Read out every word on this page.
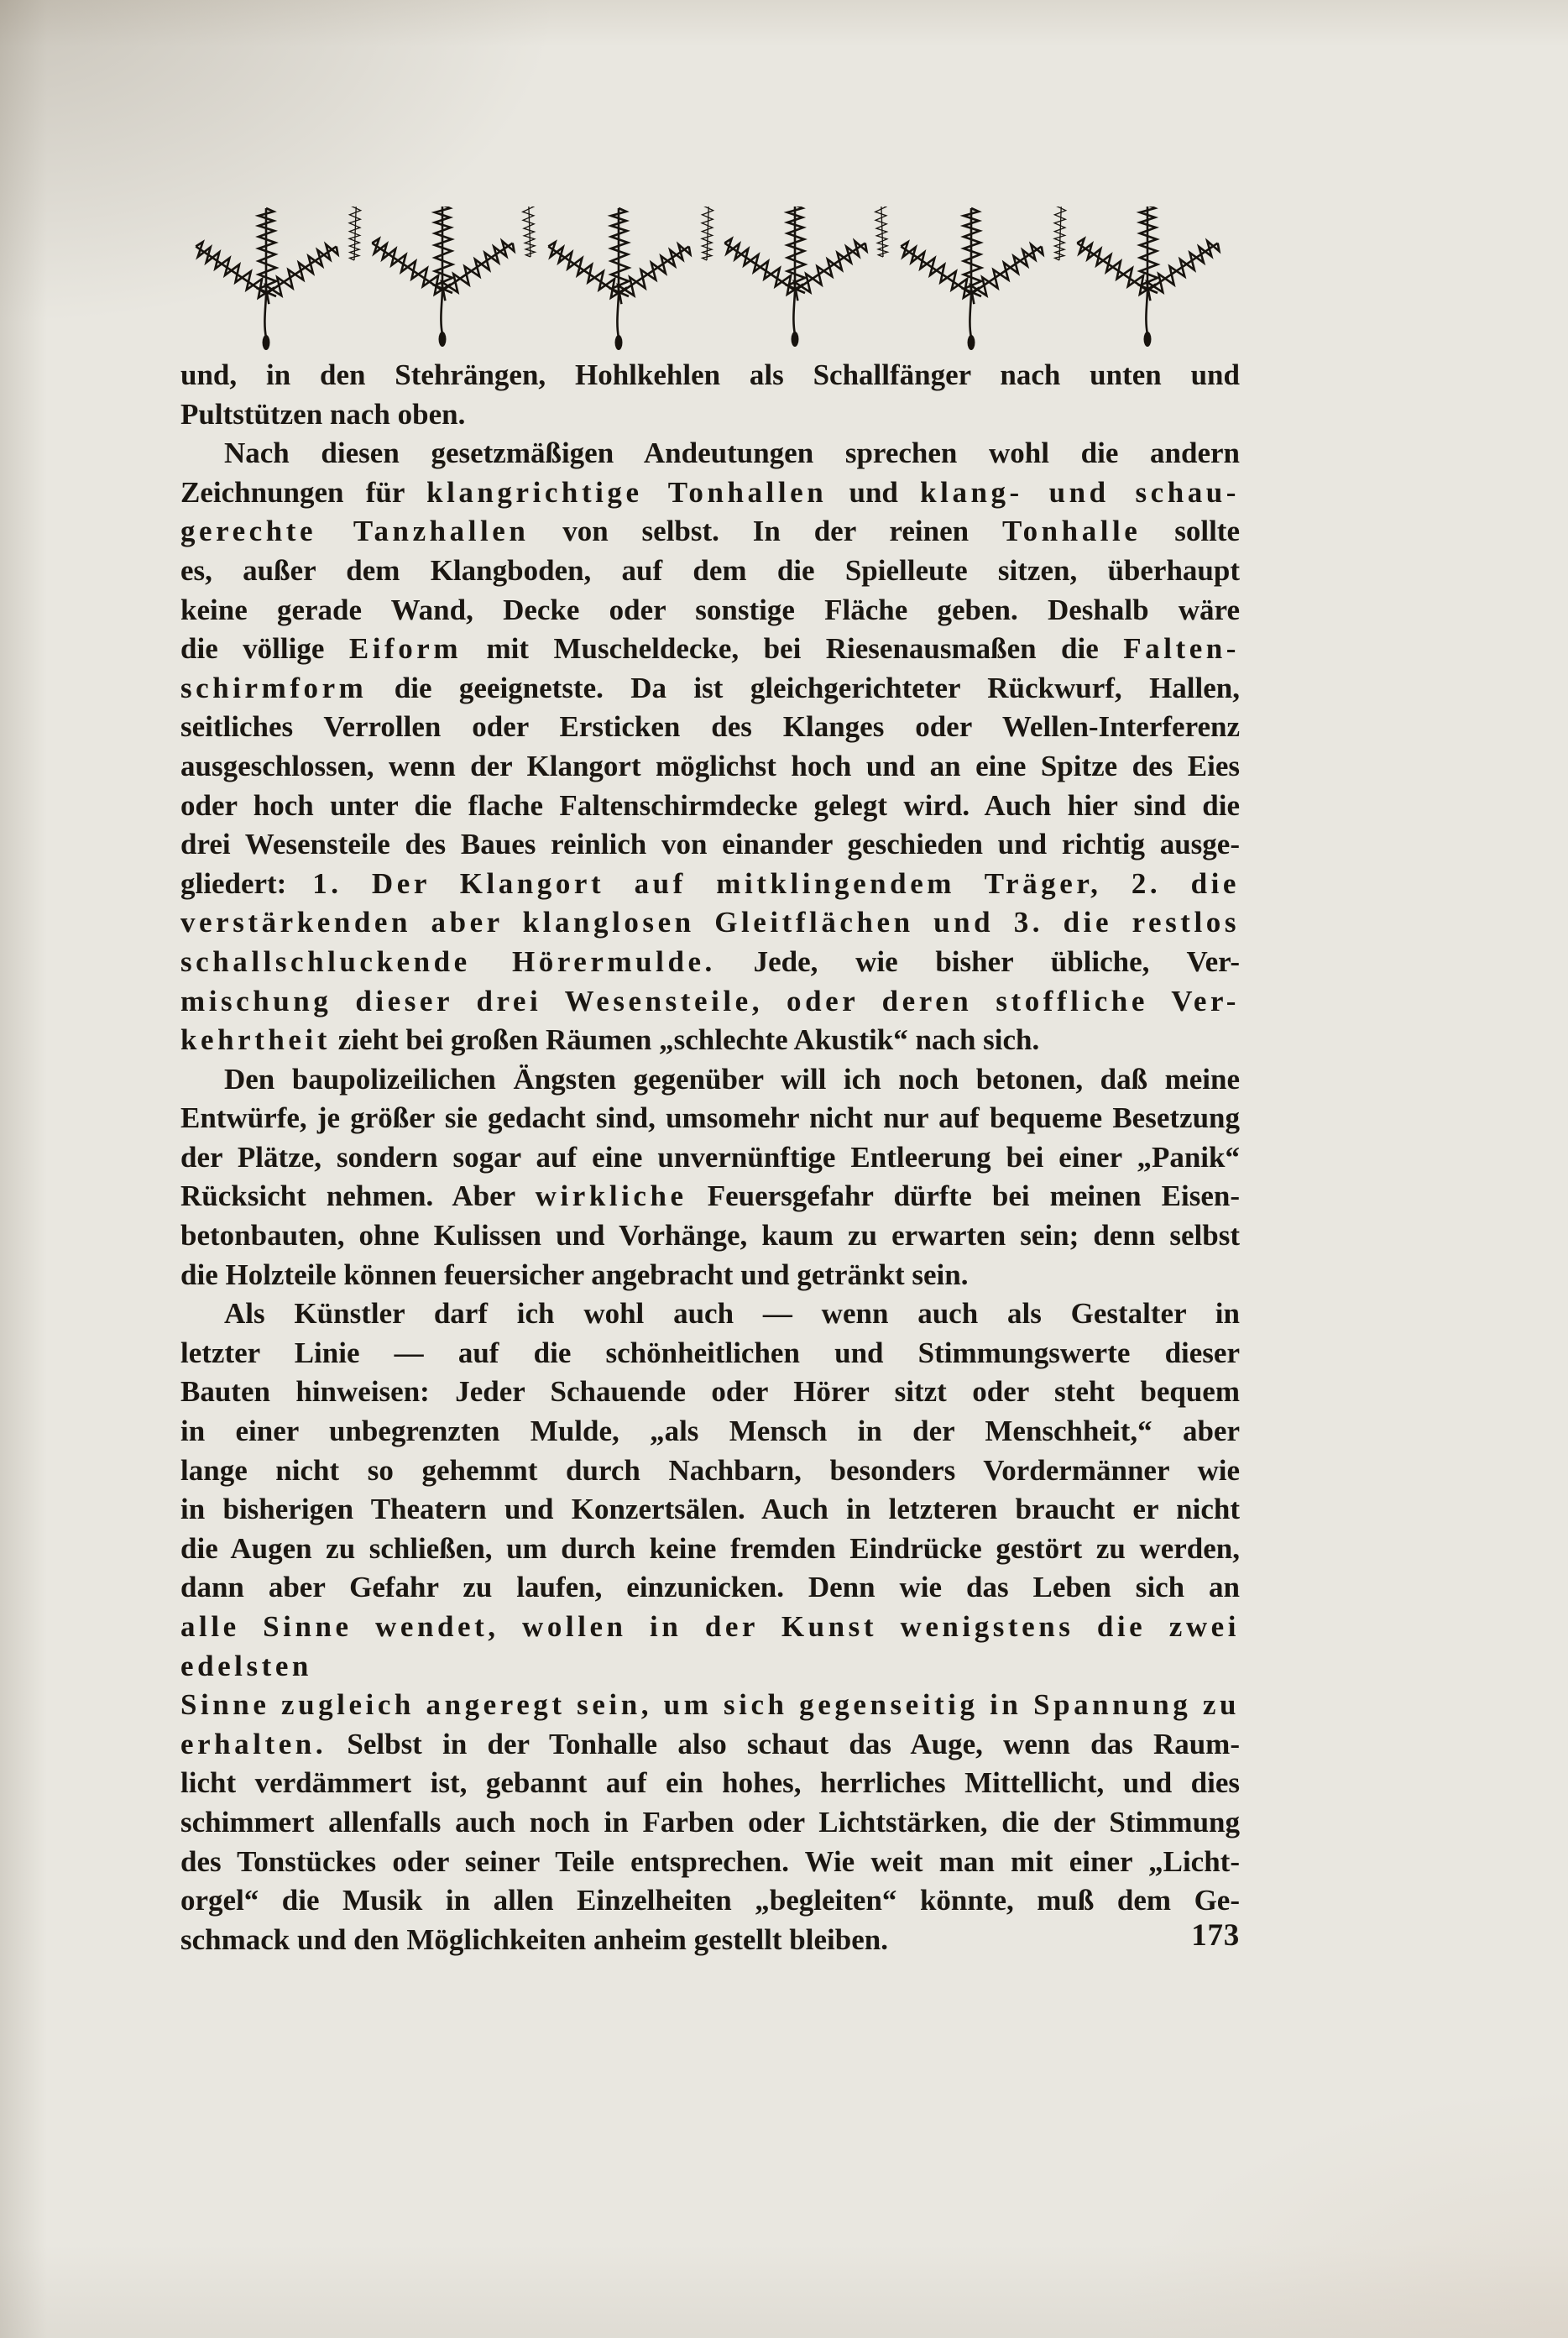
und, in den Stehrängen, Hohlkehlen als Schallfänger nach unten und
Pultstützen nach oben.
Nach diesen gesetzmäßigen Andeutungen sprechen wohl die andern
Zeichnungen für klangrichtige Tonhallen und klang- und schau-
gerechte Tanzhallen von selbst. In der reinen Tonhalle sollte
es, außer dem Klangboden, auf dem die Spielleute sitzen, überhaupt
keine gerade Wand, Decke oder sonstige Fläche geben. Deshalb wäre
die völlige Eiform mit Muscheldecke, bei Riesenausmaßen die Falten-
schirmform die geeignetste. Da ist gleichgerichteter Rückwurf, Hallen,
seitliches Verrollen oder Ersticken des Klanges oder Wellen-Interferenz
ausgeschlossen, wenn der Klangort möglichst hoch und an eine Spitze des Eies
oder hoch unter die flache Faltenschirmdecke gelegt wird. Auch hier sind die
drei Wesensteile des Baues reinlich von einander geschieden und richtig ausge-
gliedert: 1. Der Klangort auf mitklingendem Träger, 2. die
verstärkenden aber klanglosen Gleitflächen und 3. die restlos
schallschluckende Hörermulde. Jede, wie bisher übliche, Ver-
mischung dieser drei Wesensteile, oder deren stoffliche Ver-
kehrtheit zieht bei großen Räumen „schlechte Akustik“ nach sich.
Den baupolizeilichen Ängsten gegenüber will ich noch betonen, daß meine
Entwürfe, je größer sie gedacht sind, umsomehr nicht nur auf bequeme Besetzung
der Plätze, sondern sogar auf eine unvernünftige Entleerung bei einer „Panik“
Rücksicht nehmen. Aber wirkliche Feuersgefahr dürfte bei meinen Eisen-
betonbauten, ohne Kulissen und Vorhänge, kaum zu erwarten sein; denn selbst
die Holzteile können feuersicher angebracht und getränkt sein.
Als Künstler darf ich wohl auch — wenn auch als Gestalter in
letzter Linie — auf die schönheitlichen und Stimmungswerte dieser
Bauten hinweisen: Jeder Schauende oder Hörer sitzt oder steht bequem
in einer unbegrenzten Mulde, „als Mensch in der Menschheit,“ aber
lange nicht so gehemmt durch Nachbarn, besonders Vordermänner wie
in bisherigen Theatern und Konzertsälen. Auch in letzteren braucht er nicht
die Augen zu schließen, um durch keine fremden Eindrücke gestört zu werden,
dann aber Gefahr zu laufen, einzunicken. Denn wie das Leben sich an
alle Sinne wendet, wollen in der Kunst wenigstens die zwei edelsten
Sinne zugleich angeregt sein, um sich gegenseitig in Spannung zu
erhalten. Selbst in der Tonhalle also schaut das Auge, wenn das Raum-
licht verdämmert ist, gebannt auf ein hohes, herrliches Mittellicht, und dies
schimmert allenfalls auch noch in Farben oder Lichtstärken, die der Stimmung
des Tonstückes oder seiner Teile entsprechen. Wie weit man mit einer „Licht-
orgel“ die Musik in allen Einzelheiten „begleiten“ könnte, muß dem Ge-
schmack und den Möglichkeiten anheim gestellt bleiben.	173
